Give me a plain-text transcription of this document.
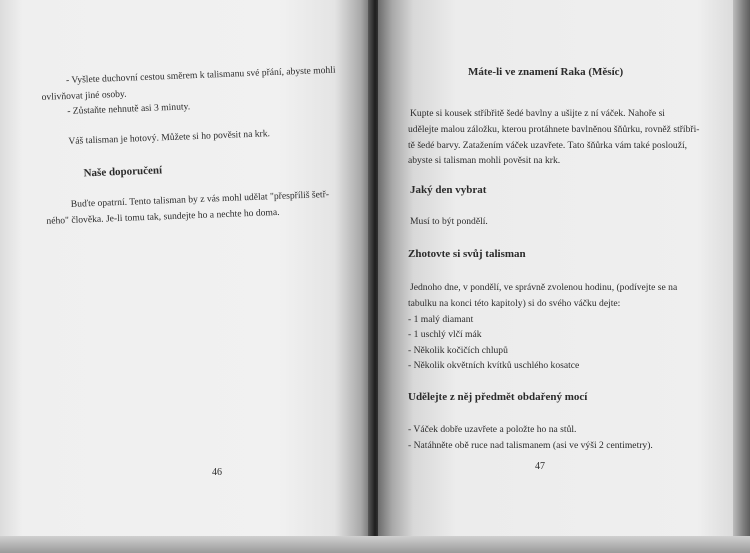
- Vyšlete duchovní cestou směrem k talismanu své přání, abyste mohli
ovlivňovat jiné osoby.
- Zůstaňte nehnutě asi 3 minuty.
Váš talisman je hotový. Můžete si ho pověsit na krk.
Naše doporučení
Buďte opatrní. Tento talisman by z vás mohl udělat "přespříliš šetř-
ného" člověka. Je-li tomu tak, sundejte ho a nechte ho doma.
46
Máte-li ve znamení Raka (Měsíc)
Kupte si kousek stříbřitě šedé bavlny a ušijte z ní váček. Nahoře si
udělejte malou záložku, kterou protáhnete bavlněnou šňůrku, rovněž stříbři-
tě šedé barvy. Zatažením váček uzavřete. Tato šňůrka vám také poslouží,
abyste si talisman mohli pověsit na krk.
Jaký den vybrat
Musí to být pondělí.
Zhotovte si svůj talisman
Jednoho dne, v pondělí, ve správně zvolenou hodinu, (podívejte se na
tabulku na konci této kapitoly) si do svého váčku dejte:
- 1 malý diamant
- 1 uschlý vlčí mák
- Několik kočičích chlupů
- Několik okvětních kvítků uschlého kosatce
Udělejte z něj předmět obdařený mocí
- Váček dobře uzavřete a položte ho na stůl.
- Natáhněte obě ruce nad talismanem (asi ve výši 2 centimetry).
47
